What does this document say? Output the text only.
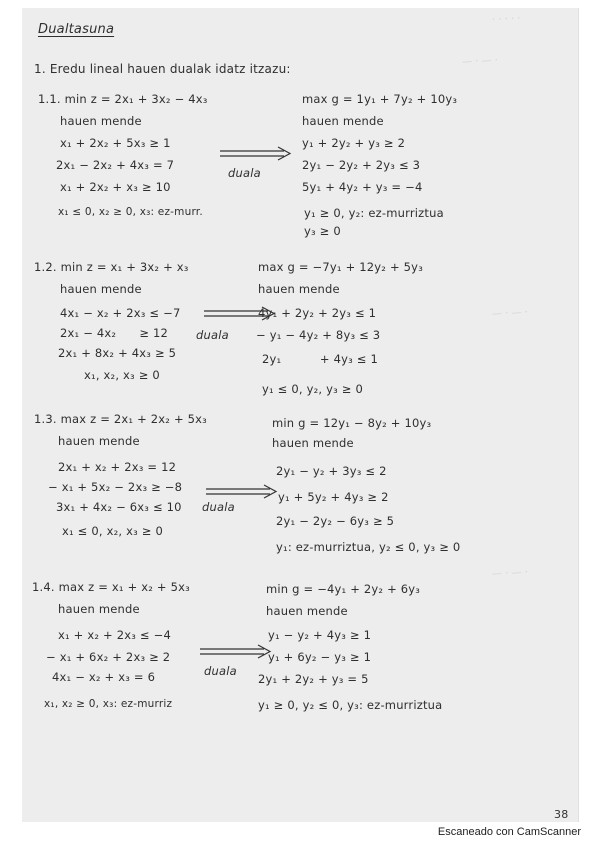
· · · · ·
— · — ·
— · — ·
— · — ·
Dualtasuna
1. Eredu lineal hauen dualak idatz itzazu:
1.1. min z = 2x₁ + 3x₂ − 4x₃
hauen mende
x₁ + 2x₂ + 5x₃ ≥ 1
2x₁ − 2x₂ + 4x₃ = 7
x₁ + 2x₂ + x₃ ≥ 10
x₁ ≤ 0, x₂ ≥ 0, x₃: ez-murr.
duala
max g = 1y₁ + 7y₂ + 10y₃
hauen mende
y₁ + 2y₂ + y₃ ≥ 2
2y₁ − 2y₂ + 2y₃ ≤ 3
5y₁ + 4y₂ + y₃ = −4
y₁ ≥ 0, y₂: ez-murriztua
y₃ ≥ 0
1.2. min z = x₁ + 3x₂ + x₃
hauen mende
4x₁ − x₂ + 2x₃ ≤ −7
2x₁ − 4x₂      ≥ 12
2x₁ + 8x₂ + 4x₃ ≥ 5
x₁, x₂, x₃ ≥ 0
duala
max g = −7y₁ + 12y₂ + 5y₃
hauen mende
4y₁ + 2y₂ + 2y₃ ≤ 1
− y₁ − 4y₂ + 8y₃ ≤ 3
2y₁          + 4y₃ ≤ 1
y₁ ≤ 0, y₂, y₃ ≥ 0
1.3. max z = 2x₁ + 2x₂ + 5x₃
hauen mende
2x₁ + x₂ + 2x₃ = 12
− x₁ + 5x₂ − 2x₃ ≥ −8
3x₁ + 4x₂ − 6x₃ ≤ 10
x₁ ≤ 0, x₂, x₃ ≥ 0
duala
min g = 12y₁ − 8y₂ + 10y₃
hauen mende
2y₁ − y₂ + 3y₃ ≤ 2
y₁ + 5y₂ + 4y₃ ≥ 2
2y₁ − 2y₂ − 6y₃ ≥ 5
y₁: ez-murriztua, y₂ ≤ 0, y₃ ≥ 0
1.4. max z = x₁ + x₂ + 5x₃
hauen mende
x₁ + x₂ + 2x₃ ≤ −4
− x₁ + 6x₂ + 2x₃ ≥ 2
4x₁ − x₂ + x₃ = 6
x₁, x₂ ≥ 0, x₃: ez-murriz
duala
min g = −4y₁ + 2y₂ + 6y₃
hauen mende
y₁ − y₂ + 4y₃ ≥ 1
y₁ + 6y₂ − y₃ ≥ 1
2y₁ + 2y₂ + y₃ = 5
y₁ ≥ 0, y₂ ≤ 0, y₃: ez-murriztua
38
Escaneado con CamScanner
